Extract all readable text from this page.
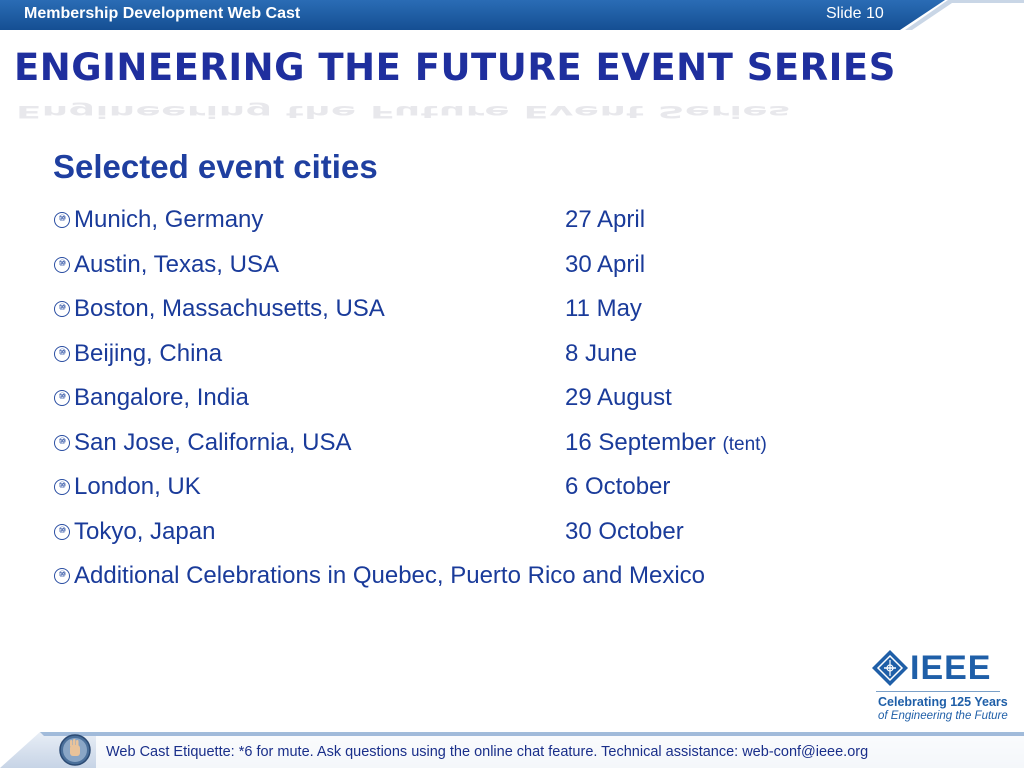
Membership Development Web Cast	Slide 10
Engineering the Future Event Series
ENGINEERING THE FUTURE EVENT SERIES
Selected event cities
⑩ Munich, Germany	27 April
⑩ Austin, Texas, USA	30 April
⑩ Boston, Massachusetts, USA	11 May
⑩ Beijing, China	8 June
⑩ Bangalore, India	29 August
⑩ San Jose, California, USA	16 September (tent)
⑩ London, UK	6 October
⑩ Tokyo, Japan	30 October
⑩ Additional Celebrations in Quebec, Puerto Rico and Mexico
IEEE
Celebrating 125 Years
of Engineering the Future
Web Cast Etiquette: *6 for mute. Ask questions using the online chat feature. Technical assistance: web-conf@ieee.org
